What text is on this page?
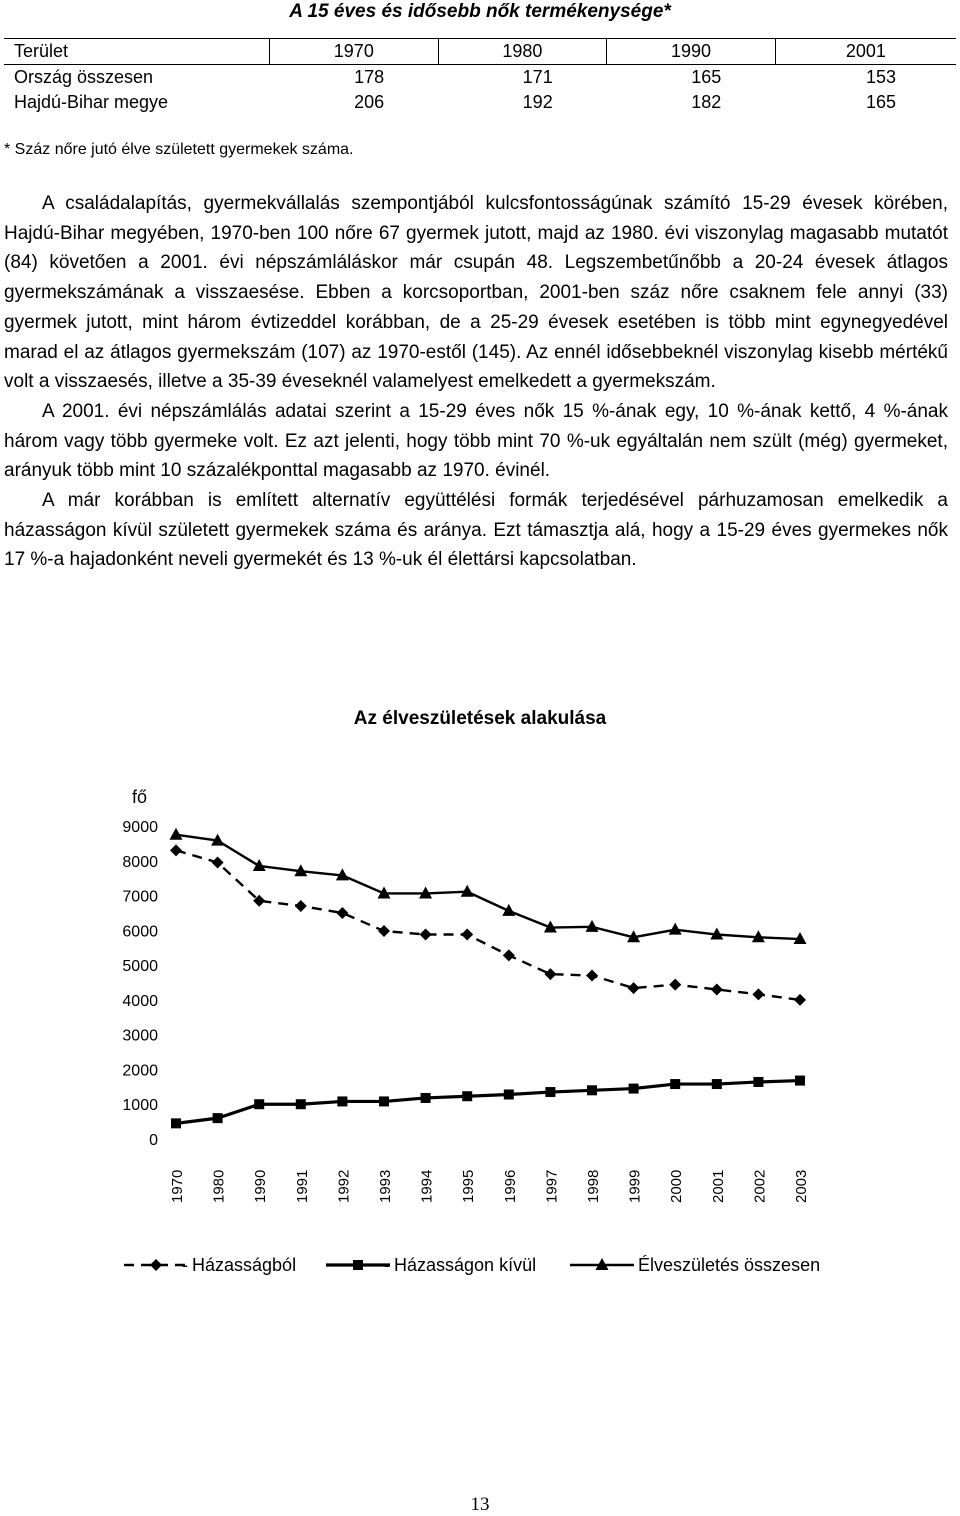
A 15 éves és idősebb nők termékenysége*
Terület	1970	1980	1990	2001
Ország összesen	178	171	165	153
Hajdú-Bihar megye	206	192	182	165
* Száz nőre jutó élve született gyermekek száma.

A családalapítás, gyermekvállalás szempontjából kulcsfontosságúnak számító 15-29 évesek körében, Hajdú-Bihar megyében, 1970-ben 100 nőre 67 gyermek jutott, majd az 1980. évi viszonylag magasabb mutatót (84) követően a 2001. évi népszámláláskor már csupán 48. Legszembetűnőbb a 20-24 évesek átlagos gyermekszámának a visszaesése. Ebben a korcsoportban, 2001-ben száz nőre csaknem fele annyi (33) gyermek jutott, mint három évtizeddel korábban, de a 25-29 évesek esetében is több mint egynegyedével marad el az átlagos gyermekszám (107) az 1970-estől (145). Az ennél idősebbeknél viszonylag kisebb mértékű volt a visszaesés, illetve a 35-39 éveseknél valamelyest emelkedett a gyermekszám.

A 2001. évi népszámlálás adatai szerint a 15-29 éves nők 15 %-ának egy, 10 %-ának kettő, 4 %-ának három vagy több gyermeke volt. Ez azt jelenti, hogy több mint 70 %-uk egyáltalán nem szült (még) gyermeket, arányuk több mint 10 százalékponttal magasabb az 1970. évinél.

A már korábban is említett alternatív együttélési formák terjedésével párhuzamosan emelkedik a házasságon kívül született gyermekek száma és aránya. Ezt támasztja alá, hogy a 15-29 éves gyermekes nők 17 %-a hajadonként neveli gyermekét és 13 %-uk él élettársi kapcsolatban.

Az élveszületések alakulása
fő
0
1000
2000
3000
4000
5000
6000
7000
8000
9000
1970 1980 1990 1991 1992 1993 1994 1995 1996 1997 1998 1999 2000 2001 2002 2003
- Házasságból	- Házasságon kívül	Élveszületés összesen
13
